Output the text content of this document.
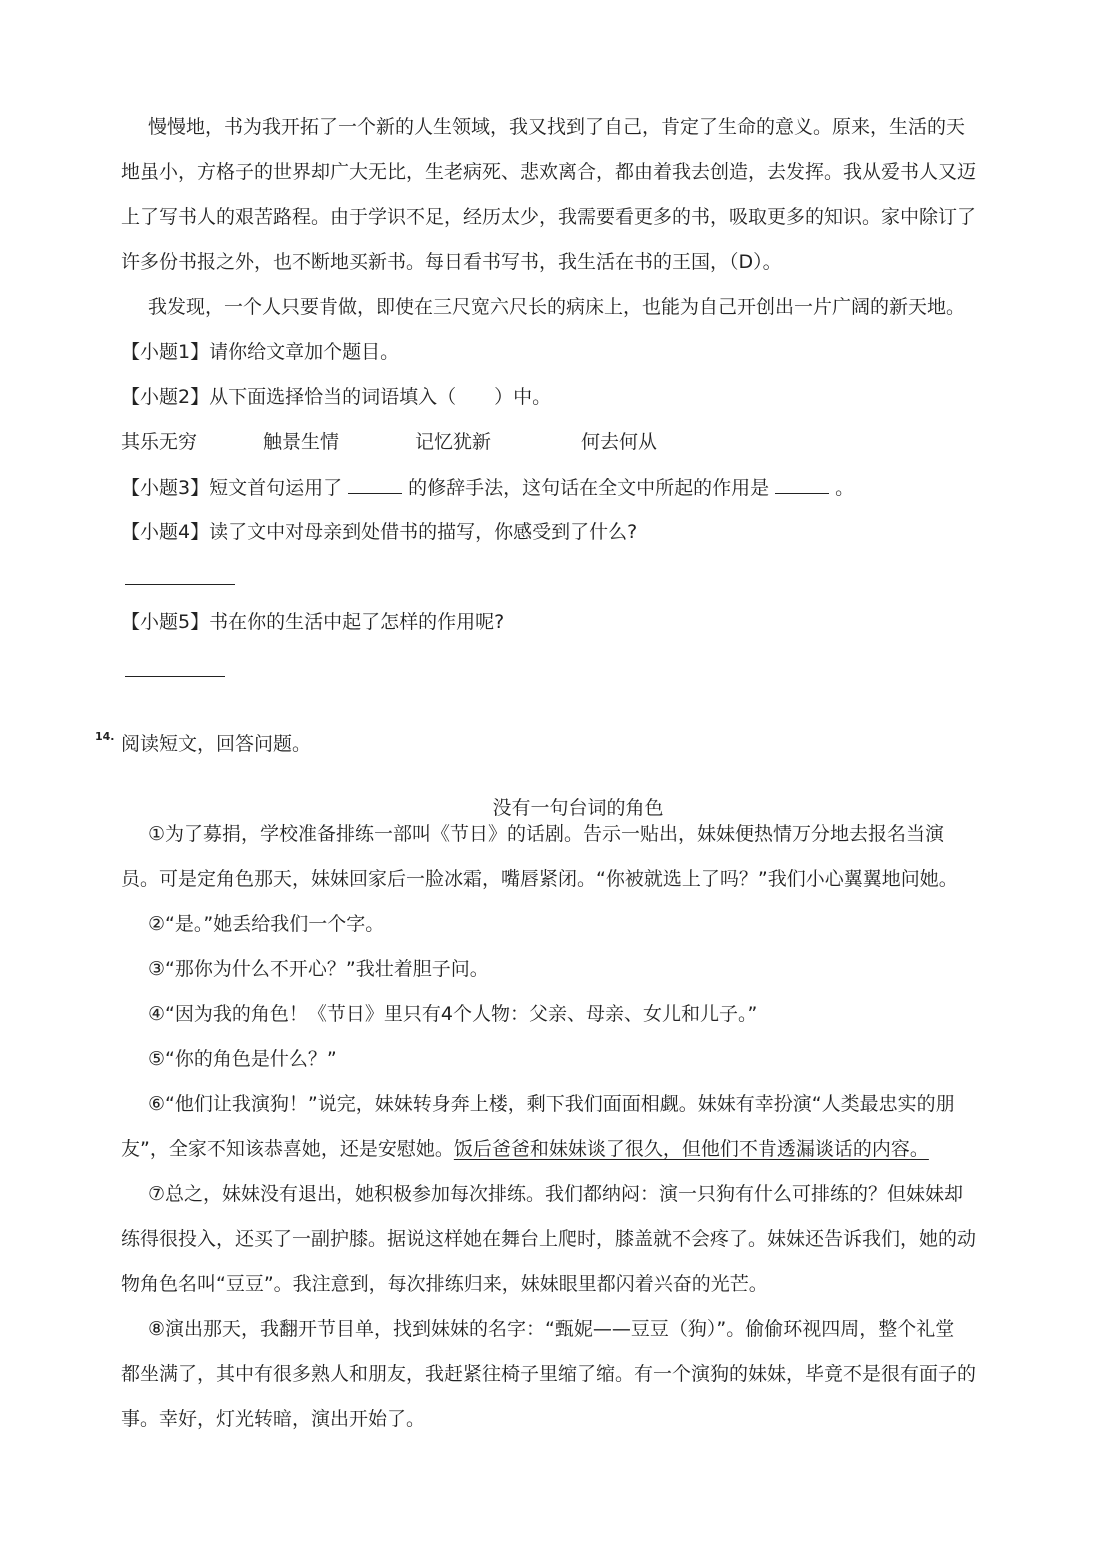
慢慢地，书为我开拓了一个新的人生领域，我又找到了自己，肯定了生命的意义。原来，生活的天

地虽小，方格子的世界却广大无比，生老病死、悲欢离合，都由着我去创造，去发挥。我从爱书人又迈

上了写书人的艰苦路程。由于学识不足，经历太少，我需要看更多的书，吸取更多的知识。家中除订了

许多份书报之外，也不断地买新书。每日看书写书，我生活在书的王国，（D）。

我发现，一个人只要肯做，即使在三尺宽六尺长的病床上，也能为自己开创出一片广阔的新天地。

【小题1】请你给文章加个题目。

【小题2】从下面选择恰当的词语填入（　　）中。

其乐无穷	触景生情	记忆犹新	何去何从

【小题3】短文首句运用了	的修辞手法，这句话在全文中所起的作用是	。

【小题4】读了文中对母亲到处借书的描写，你感受到了什么?

【小题5】书在你的生活中起了怎样的作用呢?

14. 阅读短文，回答问题。

没有一句台词的角色

①为了募捐，学校准备排练一部叫《节日》的话剧。告示一贴出，妹妹便热情万分地去报名当演

员。可是定角色那天，妹妹回家后一脸冰霜，嘴唇紧闭。“你被就选上了吗？”我们小心翼翼地问她。

②“是。”她丢给我们一个字。

③“那你为什么不开心？”我壮着胆子问。

④“因为我的角色！《节日》里只有4个人物：父亲、母亲、女儿和儿子。”

⑤“你的角色是什么？”

⑥“他们让我演狗！”说完，妹妹转身奔上楼，剩下我们面面相觑。妹妹有幸扮演“人类最忠实的朋

友”，全家不知该恭喜她，还是安慰她。饭后爸爸和妹妹谈了很久，但他们不肯透漏谈话的内容。

⑦总之，妹妹没有退出，她积极参加每次排练。我们都纳闷：演一只狗有什么可排练的？但妹妹却

练得很投入，还买了一副护膝。据说这样她在舞台上爬时，膝盖就不会疼了。妹妹还告诉我们，她的动

物角色名叫“豆豆”。我注意到，每次排练归来，妹妹眼里都闪着兴奋的光芒。

⑧演出那天，我翻开节目单，找到妹妹的名字：“甄妮——豆豆（狗）”。偷偷环视四周，整个礼堂

都坐满了，其中有很多熟人和朋友，我赶紧往椅子里缩了缩。有一个演狗的妹妹，毕竟不是很有面子的

事。幸好，灯光转暗，演出开始了。
